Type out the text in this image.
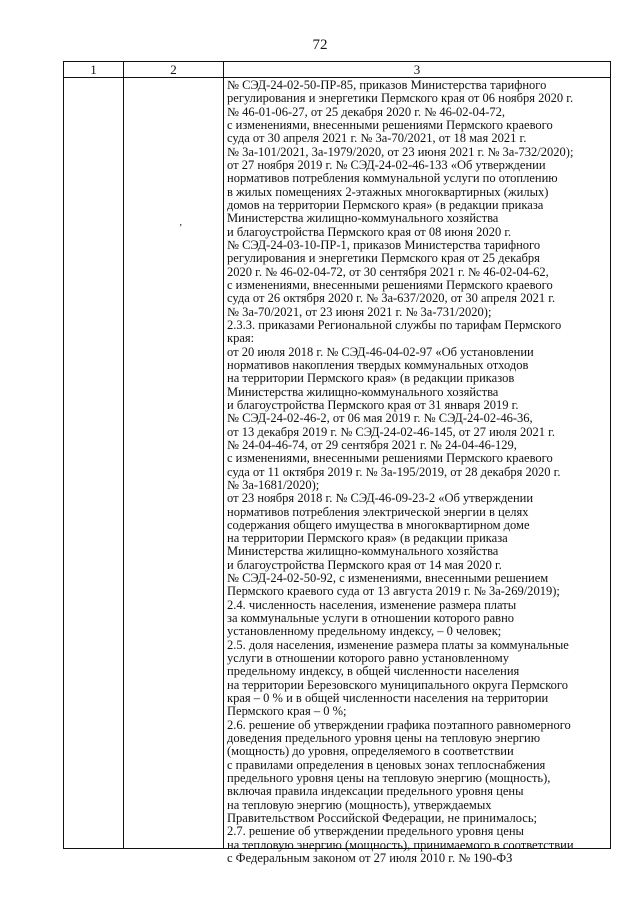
72
1	2	3
№ СЭД-24-02-50-ПР-85, приказов Министерства тарифного
регулирования и энергетики Пермского края от 06 ноября 2020 г.
№ 46-01-06-27, от 25 декабря 2020 г. № 46-02-04-72,
с изменениями, внесенными решениями Пермского краевого
суда от 30 апреля 2021 г. № 3а-70/2021, от 18 мая 2021 г.
№ 3а-101/2021, 3а-1979/2020, от 23 июня 2021 г. № 3а-732/2020);
от 27 ноября 2019 г. № СЭД-24-02-46-133 «Об утверждении
нормативов потребления коммунальной услуги по отоплению
в жилых помещениях 2-этажных многоквартирных (жилых)
домов на территории Пермского края» (в редакции приказа
Министерства жилищно-коммунального хозяйства
и благоустройства Пермского края от 08 июня 2020 г.
№ СЭД-24-03-10-ПР-1, приказов Министерства тарифного
регулирования и энергетики Пермского края от 25 декабря
2020 г. № 46-02-04-72, от 30 сентября 2021 г. № 46-02-04-62,
с изменениями, внесенными решениями Пермского краевого
суда от 26 октября 2020 г. № 3а-637/2020, от 30 апреля 2021 г.
№ 3а-70/2021, от 23 июня 2021 г. № 3а-731/2020);
2.3.3. приказами Региональной службы по тарифам Пермского
края:
от 20 июля 2018 г. № СЭД-46-04-02-97 «Об установлении
нормативов накопления твердых коммунальных отходов
на территории Пермского края» (в редакции приказов
Министерства жилищно-коммунального хозяйства
и благоустройства Пермского края от 31 января 2019 г.
№ СЭД-24-02-46-2, от 06 мая 2019 г. № СЭД-24-02-46-36,
от 13 декабря 2019 г. № СЭД-24-02-46-145, от 27 июля 2021 г.
№ 24-04-46-74, от 29 сентября 2021 г. № 24-04-46-129,
с изменениями, внесенными решениями Пермского краевого
суда от 11 октября 2019 г. № 3а-195/2019, от 28 декабря 2020 г.
№ 3а-1681/2020);
от 23 ноября 2018 г. № СЭД-46-09-23-2 «Об утверждении
нормативов потребления электрической энергии в целях
содержания общего имущества в многоквартирном доме
на территории Пермского края» (в редакции приказа
Министерства жилищно-коммунального хозяйства
и благоустройства Пермского края от 14 мая 2020 г.
№ СЭД-24-02-50-92, с изменениями, внесенными решением
Пермского краевого суда от 13 августа 2019 г. № 3а-269/2019);
2.4. численность населения, изменение размера платы
за коммунальные услуги в отношении которого равно
установленному предельному индексу, – 0 человек;
2.5. доля населения, изменение размера платы за коммунальные
услуги в отношении которого равно установленному
предельному индексу, в общей численности населения
на территории Березовского муниципального округа Пермского
края – 0 % и в общей численности населения на территории
Пермского края – 0 %;
2.6. решение об утверждении графика поэтапного равномерного
доведения предельного уровня цены на тепловую энергию
(мощность) до уровня, определяемого в соответствии
с правилами определения в ценовых зонах теплоснабжения
предельного уровня цены на тепловую энергию (мощность),
включая правила индексации предельного уровня цены
на тепловую энергию (мощность), утверждаемых
Правительством Российской Федерации, не принималось;
2.7. решение об утверждении предельного уровня цены
на тепловую энергию (мощность), принимаемого в соответствии
с Федеральным законом от 27 июля 2010 г. № 190-ФЗ
‚
